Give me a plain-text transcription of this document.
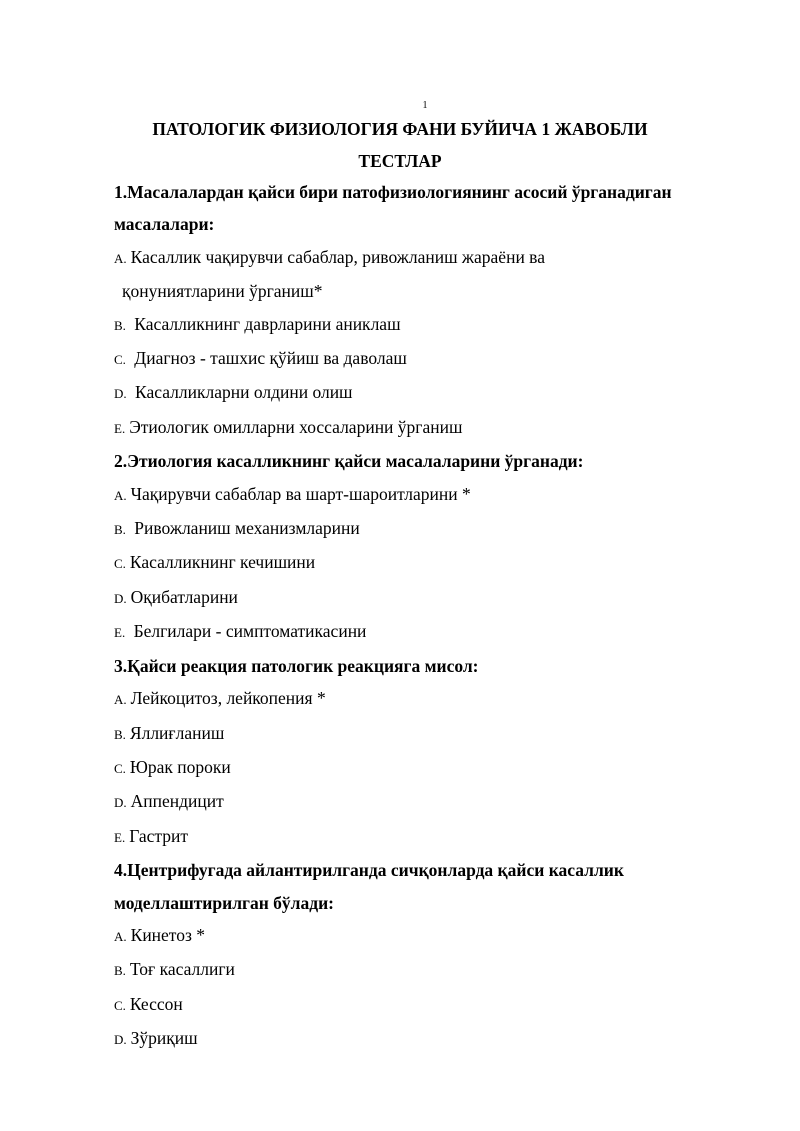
1
ПАТОЛОГИК ФИЗИОЛОГИЯ ФАНИ БУЙИЧА 1 ЖАВОБЛИ
ТЕСТЛАР

1.Масалалардан қайси бири патофизиологиянинг асосий ўрганадиган
масалалари:

A. Касаллик чақирувчи сабаблар, ривожланиш жараёни ва
қонуниятларини ўрганиш*

B. Касалликнинг даврларини аниклаш

C. Диагноз - ташхис қўйиш ва даволаш

D. Касалликларни олдини олиш

E. Этиологик омилларни хоссаларини ўрганиш

2.Этиология касалликнинг қайси масалаларини ўрганади:

A. Чақирувчи сабаблар ва шарт-шароитларини *

B. Ривожланиш механизмларини

C. Касалликнинг кечишини

D. Оқибатларини

E. Белгилари - симптоматикасини

3.Қайси реакция патологик реакцияга мисол:

A. Лейкоцитоз, лейкопения *

B. Яллиғланиш

C. Юрак пороки

D. Аппендицит

E. Гастрит

4.Центрифугада айлантирилганда сичқонларда қайси касаллик
моделлаштирилган бўлади:

A. Кинетоз *

B. Тоғ касаллиги

C. Кессон

D. Зўриқиш
